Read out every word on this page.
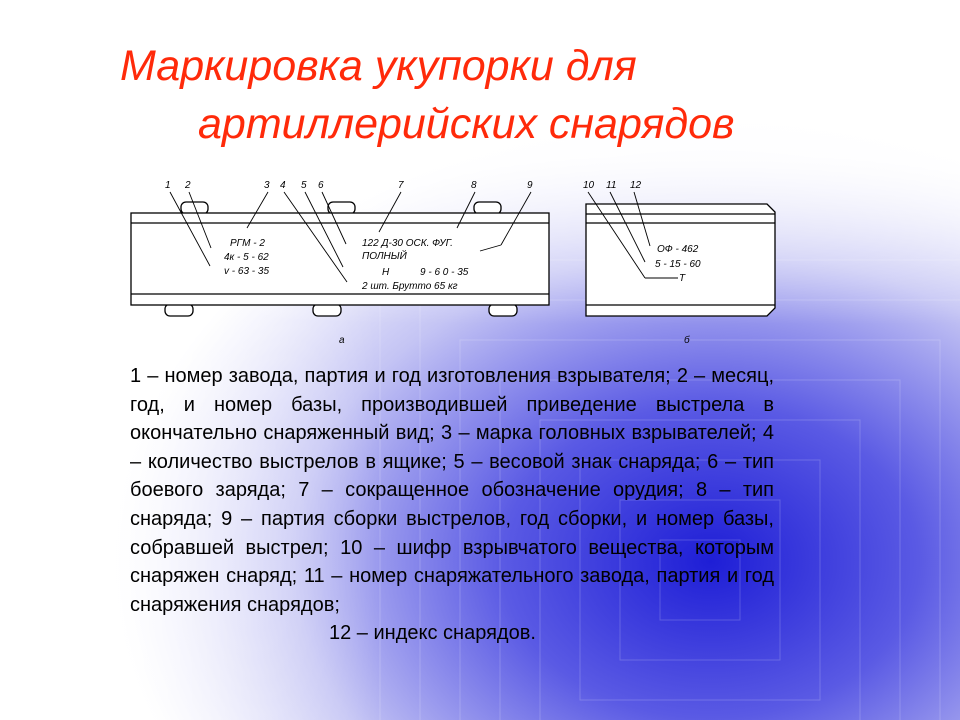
Маркировка укупорки для
артиллерийских снарядов
1 2	3 4 5 6	7	8	9	10 11 12
РГМ - 2
4к - 5 - 62
v - 63 - 35
122 Д-30 ОСК. ФУГ.
ПОЛНЫЙ
Н	9 - 6 0 - 35
2 шт. Брутто 65 кг
ОФ - 462
5 - 15 - 60
Т
а	б
1 – номер завода, партия и год изготовления взрывателя; 2 – месяц, год, и номер базы, производившей приведение выстрела в окончательно снаряженный вид; 3 – марка головных взрывателей; 4 – количество выстрелов в ящике; 5 – весовой знак снаряда; 6 – тип боевого заряда; 7 – сокращенное обозначение орудия; 8 – тип снаряда; 9 – партия сборки выстрелов, год сборки, и номер базы, собравшей выстрел; 10 – шифр взрывчатого вещества, которым снаряжен снаряд; 11 – номер снаряжательного завода, партия и год снаряжения снарядов;
12 – индекс снарядов.
